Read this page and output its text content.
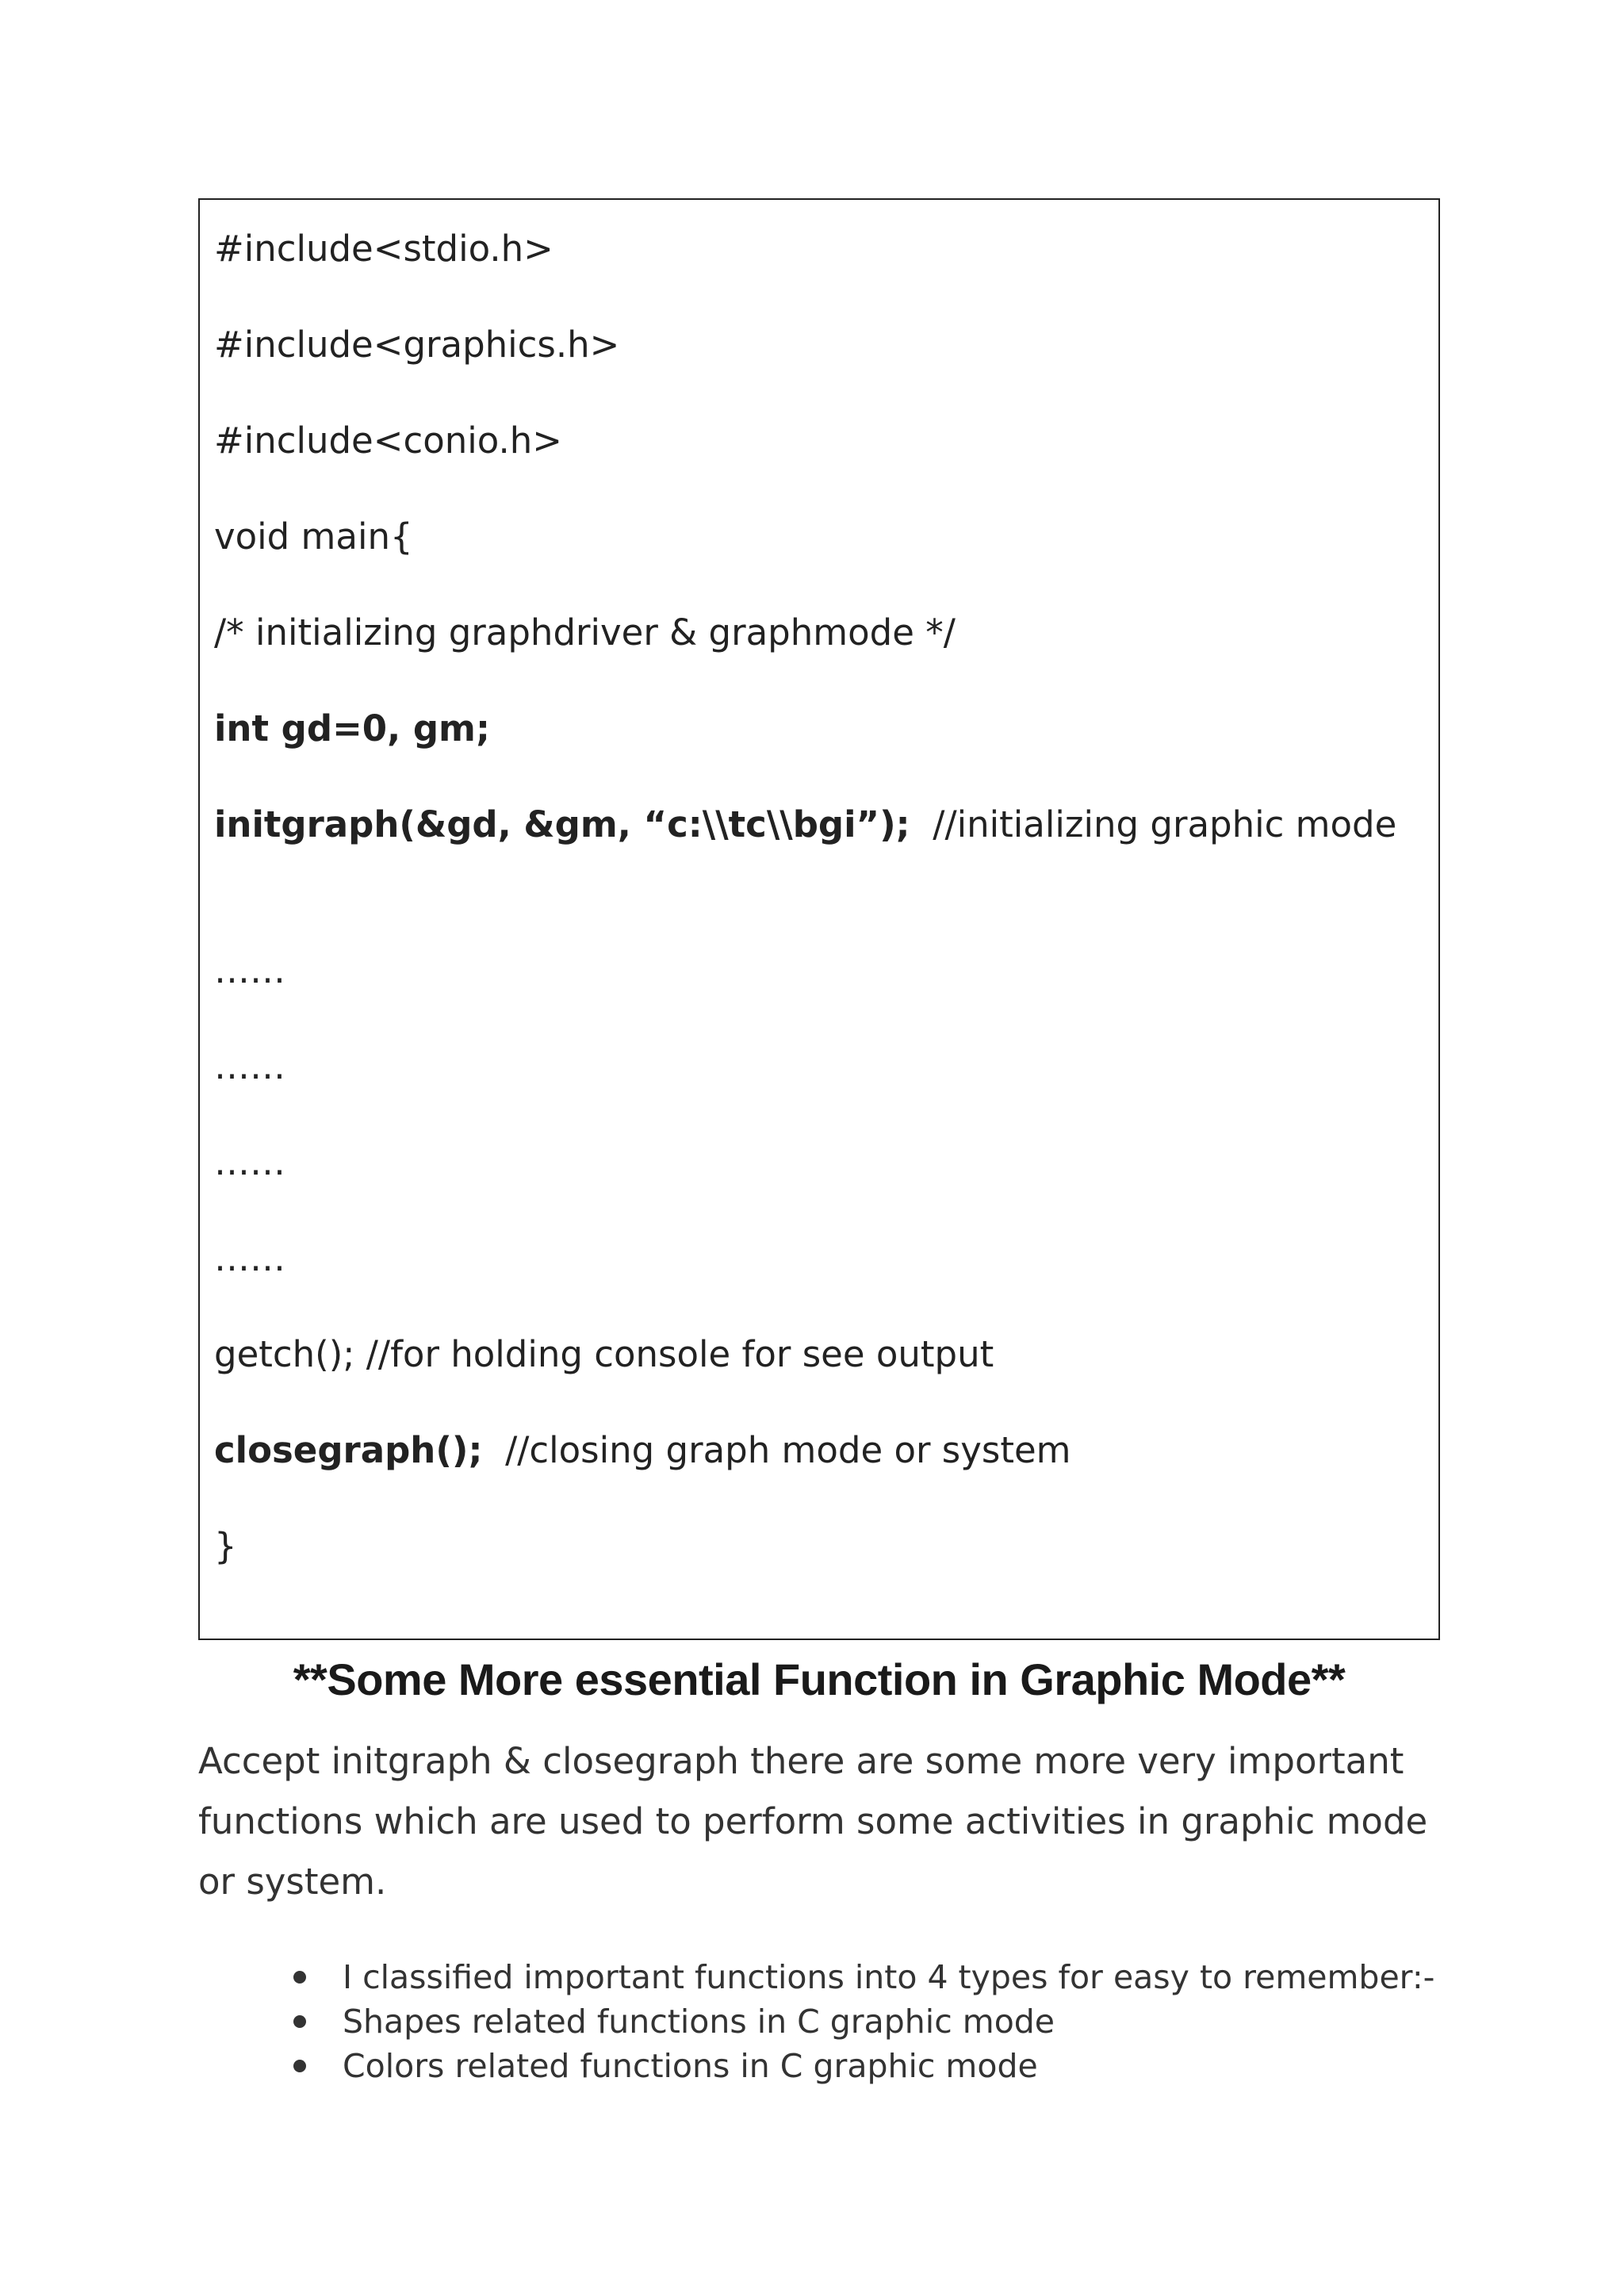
#include<stdio.h>
#include<graphics.h>
#include<conio.h>
void main{
/* initializing graphdriver & graphmode */
int gd=0, gm;
initgraph(&gd, &gm, “c:\\tc\\bgi”);  //initializing graphic mode
……
……
……
……
getch(); //for holding console for see output
closegraph();  //closing graph mode or system
}
**Some More essential Function in Graphic Mode**
Accept initgraph & closegraph there are some more very important functions which are used to perform some activities in graphic mode or system.
I classified important functions into 4 types for easy to remember:-
Shapes related functions in C graphic mode
Colors related functions in C graphic mode
